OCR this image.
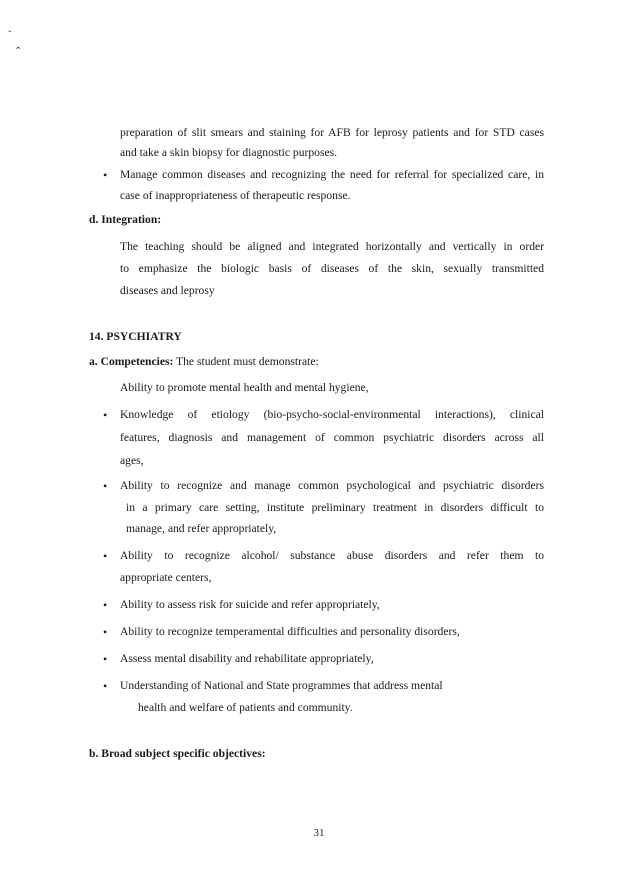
ˇ
ˆ
preparation of slit smears and staining for AFB for leprosy patients and for STD cases
and take a skin biopsy for diagnostic purposes.
• Manage common diseases and recognizing the need for referral for specialized care, in
case of inappropriateness of therapeutic response.
d. Integration:
The teaching should be aligned and integrated horizontally and vertically in order
to emphasize the biologic basis of diseases of the skin, sexually transmitted
diseases and leprosy
14. PSYCHIATRY
a. Competencies: The student must demonstrate:
Ability to promote mental health and mental hygiene,
• Knowledge of etiology (bio-psycho-social-environmental interactions), clinical
features, diagnosis and management of common psychiatric disorders across all
ages,
• Ability to recognize and manage common psychological and psychiatric disorders
in a primary care setting, institute preliminary treatment in disorders difficult to
manage, and refer appropriately,
• Ability to recognize alcohol/ substance abuse disorders and refer them to
appropriate centers,
• Ability to assess risk for suicide and refer appropriately,
• Ability to recognize temperamental difficulties and personality disorders,
• Assess mental disability and rehabilitate appropriately,
• Understanding of National and State programmes that address mental
health and welfare of patients and community.
b. Broad subject specific objectives:
31
